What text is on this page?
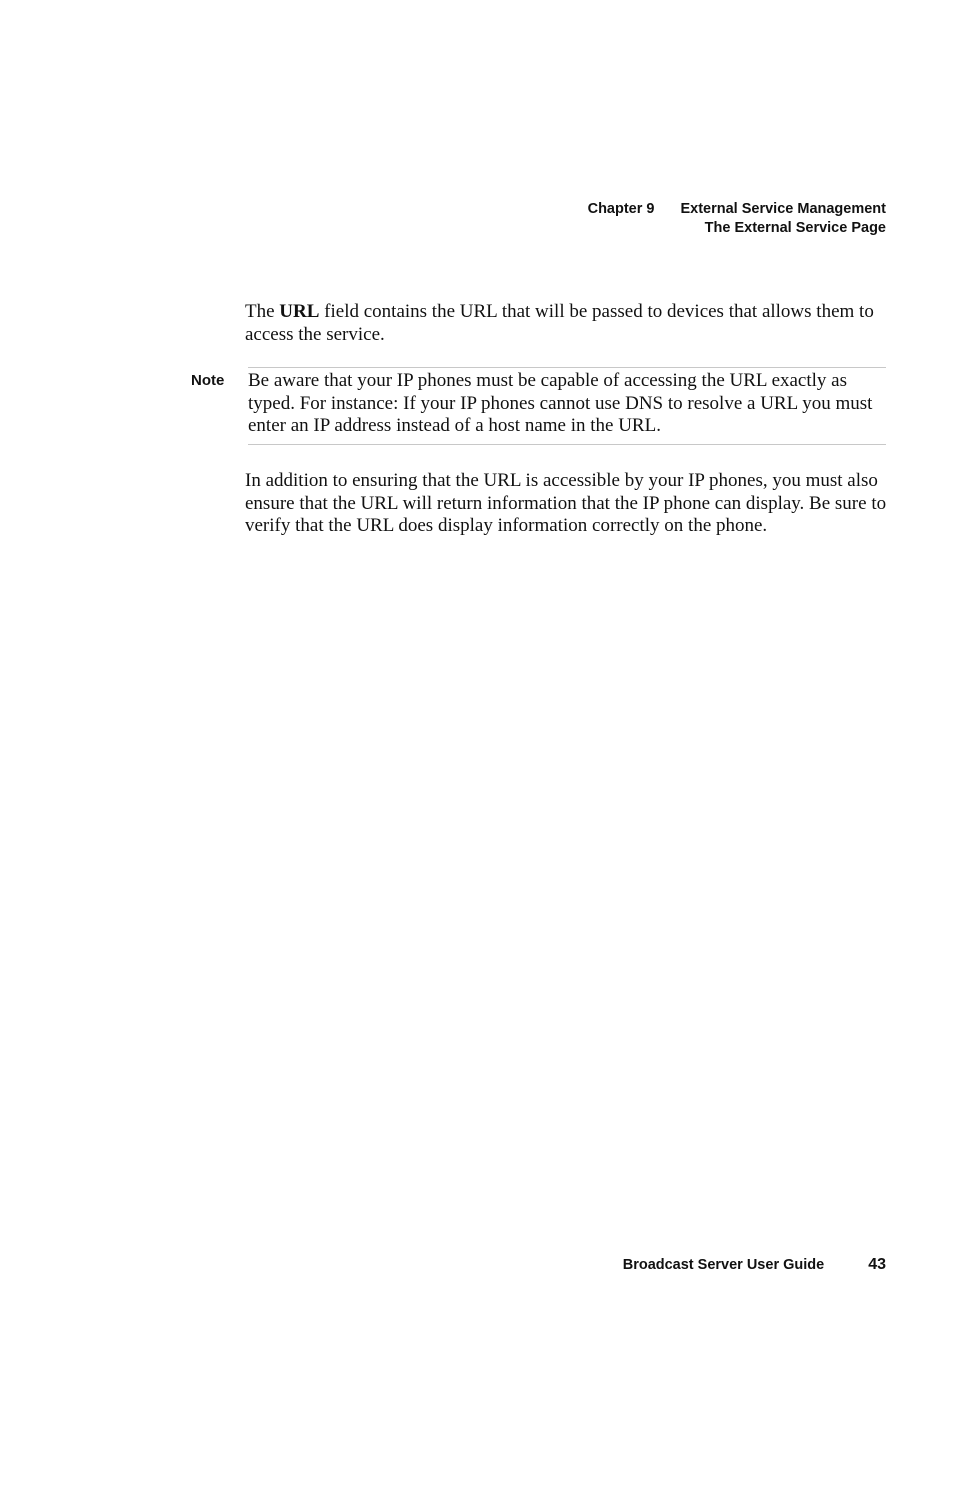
Chapter 9 External Service Management
The External Service Page

The URL field contains the URL that will be passed to devices that allows them to access the service.

Note Be aware that your IP phones must be capable of accessing the URL exactly as typed. For instance: If your IP phones cannot use DNS to resolve a URL you must enter an IP address instead of a host name in the URL.

In addition to ensuring that the URL is accessible by your IP phones, you must also ensure that the URL will return information that the IP phone can display. Be sure to verify that the URL does display information correctly on the phone.

Broadcast Server User Guide	43
